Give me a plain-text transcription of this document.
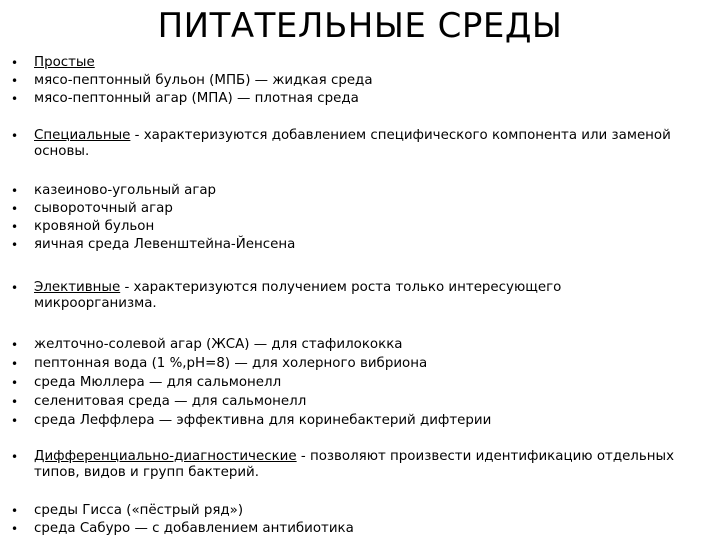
ПИТАТЕЛЬНЫЕ СРЕДЫ
• Простые
• мясо-пептонный бульон (МПБ) — жидкая среда
• мясо-пептонный агар (МПА) — плотная среда
• Специальные - характеризуются добавлением специфического компонента или заменой основы.
• казеиново-угольный агар
• сывороточный агар
• кровяной бульон
• яичная среда Левенштейна-Йенсена
• Элективные - характеризуются получением роста только интересующего микроорганизма.
• желточно-солевой агар (ЖСА) — для стафилококка
• пептонная вода (1 %,рН=8) — для холерного вибриона
• среда Мюллера — для сальмонелл
• селенитовая среда — для сальмонелл
• среда Леффлера — эффективна для коринебактерий дифтерии
• Дифференциально-диагностические - позволяют произвести идентификацию отдельных типов, видов и групп бактерий.
• среды Гисса («пёстрый ряд»)
• среда Сабуро — с добавлением антибиотика
